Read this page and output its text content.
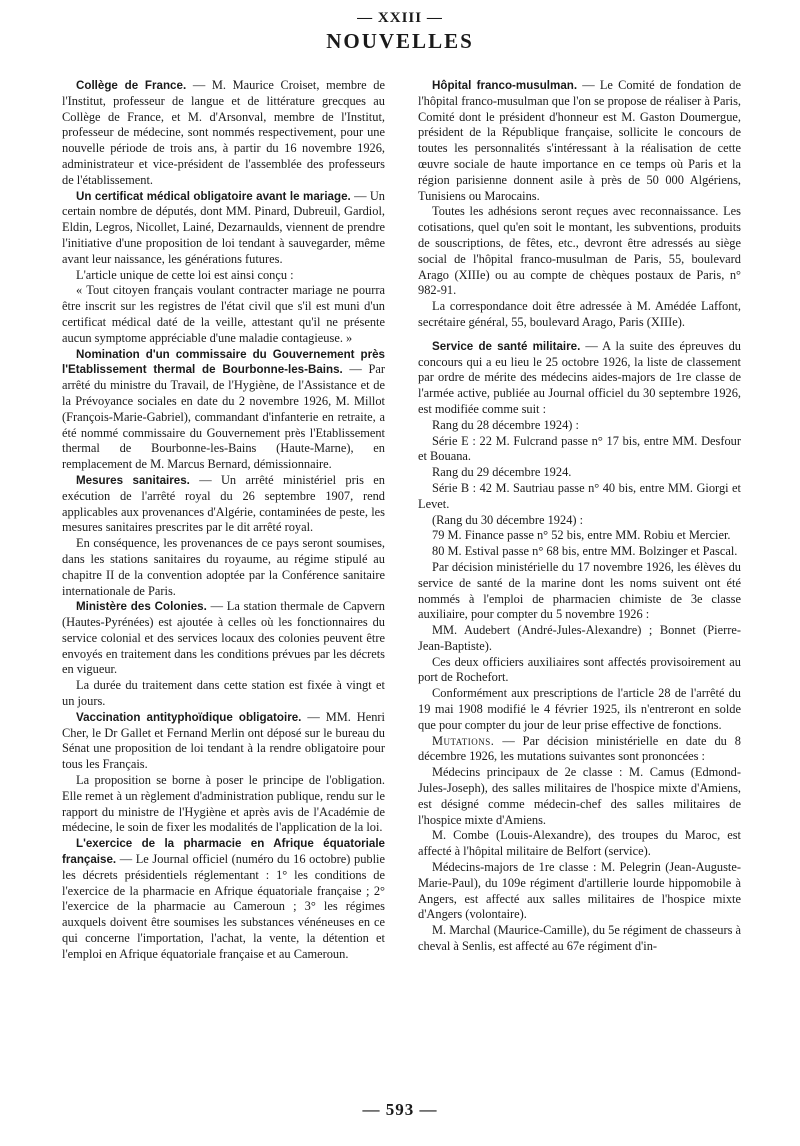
— XXIII —
NOUVELLES

Collège de France. — M. Maurice Croiset, membre de l'Institut, professeur de langue et de littérature grecques au Collège de France, et M. d'Arsonval, membre de l'Institut, professeur de médecine, sont nommés respectivement, pour une nouvelle période de trois ans, à partir du 16 novembre 1926, administrateur et vice-président de l'assemblée des professeurs de l'établissement.

Un certificat médical obligatoire avant le mariage. — Un certain nombre de députés, dont MM. Pinard, Dubreuil, Gardiol, Eldin, Legros, Nicollet, Lainé, Dezarnaulds, viennent de prendre l'initiative d'une proposition de loi tendant à sauvegarder, même avant leur naissance, les générations futures.

L'article unique de cette loi est ainsi conçu :

« Tout citoyen français voulant contracter mariage ne pourra être inscrit sur les registres de l'état civil que s'il est muni d'un certificat médical daté de la veille, attestant qu'il ne présente aucun symptome appréciable d'une maladie contagieuse. »

Nomination d'un commissaire du Gouvernement près l'Etablissement thermal de Bourbonne-les-Bains. — Par arrêté du ministre du Travail, de l'Hygiène, de l'Assistance et de la Prévoyance sociales en date du 2 novembre 1926, M. Millot (François-Marie-Gabriel), commandant d'infanterie en retraite, a été nommé commissaire du Gouvernement près l'Etablissement thermal de Bourbonne-les-Bains (Haute-Marne), en remplacement de M. Marcus Bernard, démissionnaire.

Mesures sanitaires. — Un arrêté ministériel pris en exécution de l'arrêté royal du 26 septembre 1907, rend applicables aux provenances d'Algérie, contaminées de peste, les mesures sanitaires prescrites par le dit arrêté royal.

En conséquence, les provenances de ce pays seront soumises, dans les stations sanitaires du royaume, au régime stipulé au chapitre II de la convention adoptée par la Conférence sanitaire internationale de Paris.

Ministère des Colonies. — La station thermale de Capvern (Hautes-Pyrénées) est ajoutée à celles où les fonctionnaires du service colonial et des services locaux des colonies peuvent être envoyés en traitement dans les conditions prévues par les décrets en vigueur.

La durée du traitement dans cette station est fixée à vingt et un jours.

Vaccination antityphoïdique obligatoire. — MM. Henri Cher, le Dr Gallet et Fernand Merlin ont déposé sur le bureau du Sénat une proposition de loi tendant à la rendre obligatoire pour tous les Français.

La proposition se borne à poser le principe de l'obligation. Elle remet à un règlement d'administration publique, rendu sur le rapport du ministre de l'Hygiène et après avis de l'Académie de médecine, le soin de fixer les modalités de l'application de la loi.

L'exercice de la pharmacie en Afrique équatoriale française. — Le Journal officiel (numéro du 16 octobre) publie les décrets présidentiels réglementant : 1° les conditions de l'exercice de la pharmacie en Afrique équatoriale française ; 2° l'exercice de la pharmacie au Cameroun ; 3° les régimes auxquels doivent être soumises les substances vénéneuses en ce qui concerne l'importation, l'achat, la vente, la détention et l'emploi en Afrique équatoriale française et au Cameroun.

Hôpital franco-musulman. — Le Comité de fondation de l'hôpital franco-musulman que l'on se propose de réaliser à Paris, Comité dont le président d'honneur est M. Gaston Doumergue, président de la République française, sollicite le concours de toutes les personnalités s'intéressant à la réalisation de cette œuvre sociale de haute importance en ce temps où Paris et la région parisienne donnent asile à près de 50 000 Algériens, Tunisiens ou Marocains.

Toutes les adhésions seront reçues avec reconnaissance. Les cotisations, quel qu'en soit le montant, les subventions, produits de souscriptions, de fêtes, etc., devront être adressés au siège social de l'hôpital franco-musulman de Paris, 55, boulevard Arago (XIIIe) ou au compte de chèques postaux de Paris, n° 982-91.

La correspondance doit être adressée à M. Amédée Laffont, secrétaire général, 55, boulevard Arago, Paris (XIIIe).

Service de santé militaire. — A la suite des épreuves du concours qui a eu lieu le 25 octobre 1926, la liste de classement par ordre de mérite des médecins aides-majors de 1re classe de l'armée active, publiée au Journal officiel du 30 septembre 1926, est modifiée comme suit :

Rang du 28 décembre 1924) :

Série E : 22 M. Fulcrand passe n° 17 bis, entre MM. Desfour et Bouana.

Rang du 29 décembre 1924.

Série B : 42 M. Sautriau passe n° 40 bis, entre MM. Giorgi et Levet.

(Rang du 30 décembre 1924) :

79 M. Finance passe n° 52 bis, entre MM. Robiu et Mercier.

80 M. Estival passe n° 68 bis, entre MM. Bolzinger et Pascal.

Par décision ministérielle du 17 novembre 1926, les élèves du service de santé de la marine dont les noms suivent ont été nommés à l'emploi de pharmacien chimiste de 3e classe auxiliaire, pour compter du 5 novembre 1926 :

MM. Audebert (André-Jules-Alexandre) ; Bonnet (Pierre-Jean-Baptiste).

Ces deux officiers auxiliaires sont affectés provisoirement au port de Rochefort.

Conformément aux prescriptions de l'article 28 de l'arrêté du 19 mai 1908 modifié le 4 février 1925, ils n'entreront en solde que pour compter du jour de leur prise effective de fonctions.

Mutations. — Par décision ministérielle en date du 8 décembre 1926, les mutations suivantes sont prononcées :

Médecins principaux de 2e classe : M. Camus (Edmond-Jules-Joseph), des salles militaires de l'hospice mixte d'Amiens, est désigné comme médecin-chef des salles militaires de l'hospice mixte d'Amiens.

M. Combe (Louis-Alexandre), des troupes du Maroc, est affecté à l'hôpital militaire de Belfort (service).

Médecins-majors de 1re classe : M. Pelegrin (Jean-Auguste-Marie-Paul), du 109e régiment d'artillerie lourde hippomobile à Angers, est affecté aux salles militaires de l'hospice mixte d'Angers (volontaire).

M. Marchal (Maurice-Camille), du 5e régiment de chasseurs à cheval à Senlis, est affecté au 67e régiment d'in-

— 593 —
